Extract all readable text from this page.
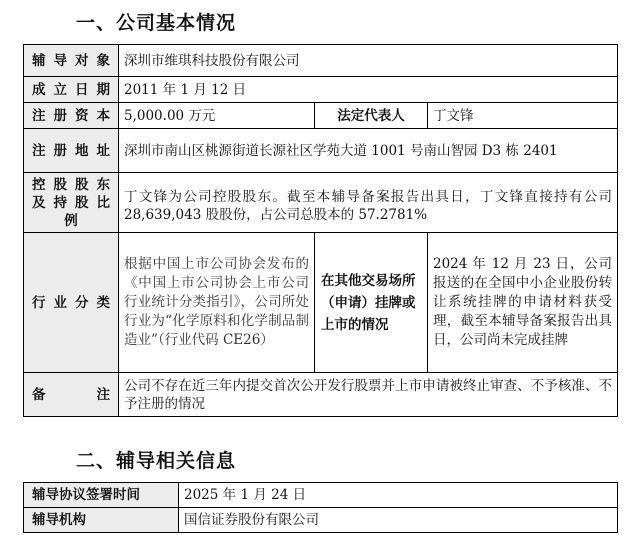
一、公司基本情况
辅导对象	深圳市维琪科技股份有限公司		
成立日期	2011 年 1 月 12 日		
注册资本	5,000.00 万元	法定代表人	丁文锋
注册地址	深圳市南山区桃源街道长源社区学苑大道 1001 号南山智园 D3 栋 2401		

控股股东
及持股比
例	丁文锋为公司控股股东。截至本辅导备案报告出具日，丁文锋直接持有公司 28,639,043 股股份，占公司总股本的 57.2781%		
行业分类	根据中国上市公司协会发布的《中国上市公司协会上市公司行业统计分类指引》，公司所处行业为“化学原料和化学制品制造业”（行业代码 CE26）	在其他交易场所（申请）挂牌或上市的情况	2024 年 12 月 23 日，公司报送的在全国中小企业股份转让系统挂牌的申请材料获受理，截至本辅导备案报告出具日，公司尚未完成挂牌
备　　注	公司不存在近三年内提交首次公开发行股票并上市申请被终止审查、不予核准、不予注册的情况		
二、辅导相关信息
辅导协议签署时间	2025 年 1 月 24 日
辅导机构	国信证券股份有限公司
